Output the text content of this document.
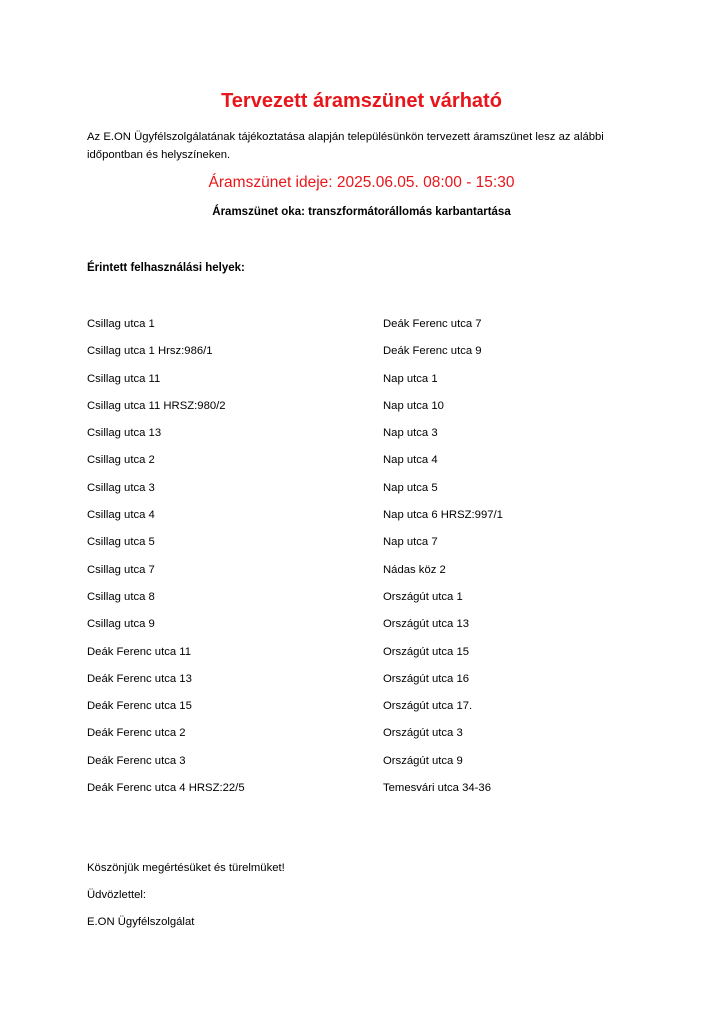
Tervezett áramszünet várható
Az E.ON Ügyfélszolgálatának tájékoztatása alapján településünkön tervezett áramszünet lesz az alábbi időpontban és helyszíneken.
Áramszünet ideje: 2025.06.05. 08:00 - 15:30
Áramszünet oka: transzformátorállomás karbantartása
Érintett felhasználási helyek:
Csillag utca 1
Csillag utca 1 Hrsz:986/1
Csillag utca 11
Csillag utca 11 HRSZ:980/2
Csillag utca 13
Csillag utca 2
Csillag utca 3
Csillag utca 4
Csillag utca 5
Csillag utca 7
Csillag utca 8
Csillag utca 9
Deák Ferenc utca 11
Deák Ferenc utca 13
Deák Ferenc utca 15
Deák Ferenc utca 2
Deák Ferenc utca 3
Deák Ferenc utca 4 HRSZ:22/5
Deák Ferenc utca 7
Deák Ferenc utca 9
Nap utca 1
Nap utca 10
Nap utca 3
Nap utca 4
Nap utca 5
Nap utca 6 HRSZ:997/1
Nap utca 7
Nádas köz 2
Országút utca 1
Országút utca 13
Országút utca 15
Országút utca 16
Országút utca 17.
Országút utca 3
Országút utca 9
Temesvári utca 34-36
Köszönjük megértésüket és türelmüket!
Üdvözlettel:
E.ON Ügyfélszolgálat
